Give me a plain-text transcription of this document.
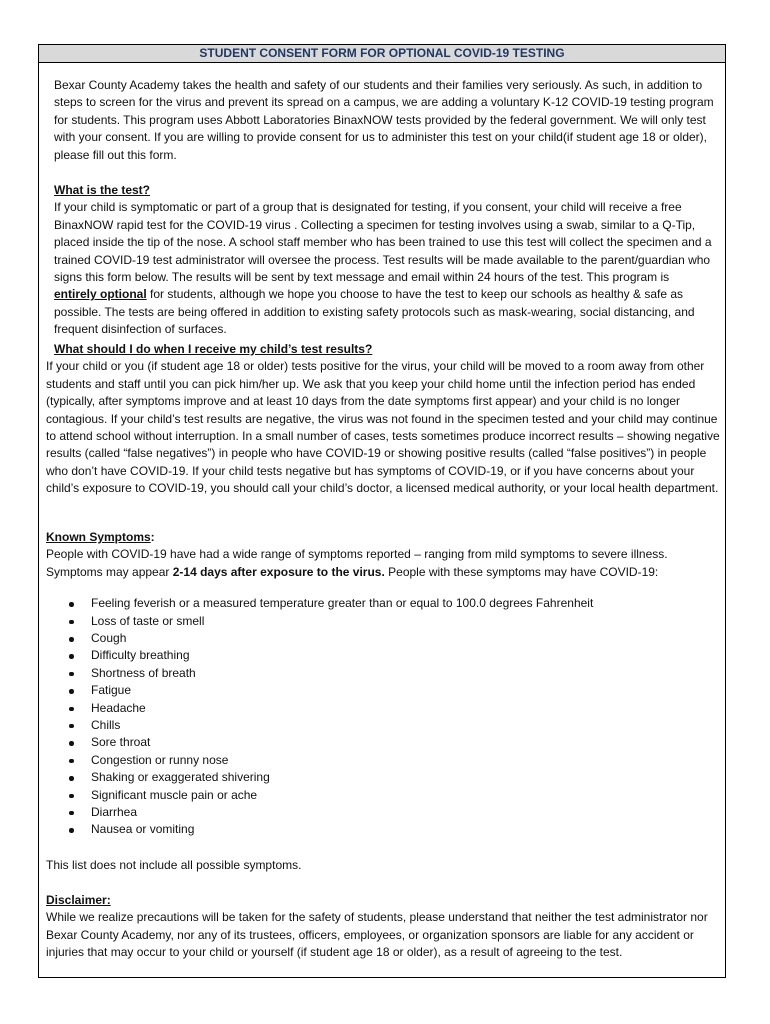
STUDENT CONSENT FORM FOR OPTIONAL COVID-19 TESTING

Bexar County Academy takes the health and safety of our students and their families very seriously. As such, in addition to steps to screen for the virus and prevent its spread on a campus, we are adding a voluntary K-12 COVID-19 testing program for students. This program uses Abbott Laboratories BinaxNOW tests provided by the federal government. We will only test with your consent. If you are willing to provide consent for us to administer this test on your child(if student age 18 or older), please fill out this form.

What is the test?

If your child is symptomatic or part of a group that is designated for testing, if you consent, your child will receive a free BinaxNOW rapid test for the COVID-19 virus . Collecting a specimen for testing involves using a swab, similar to a Q-Tip, placed inside the tip of the nose. A school staff member who has been trained to use this test will collect the specimen and a trained COVID-19 test administrator will oversee the process. Test results will be made available to the parent/guardian who signs this form below. The results will be sent by text message and email within 24 hours of the test. This program is entirely optional for students, although we hope you choose to have the test to keep our schools as healthy & safe as possible. The tests are being offered in addition to existing safety protocols such as mask-wearing, social distancing, and frequent disinfection of surfaces.

What should I do when I receive my child’s test results?

If your child or you (if student age 18 or older) tests positive for the virus, your child will be moved to a room away from other students and staff until you can pick him/her up. We ask that you keep your child home until the infection period has ended (typically, after symptoms improve and at least 10 days from the date symptoms first appear) and your child is no longer contagious. If your child’s test results are negative, the virus was not found in the specimen tested and your child may continue to attend school without interruption. In a small number of cases, tests sometimes produce incorrect results – showing negative results (called “false negatives”) in people who have COVID-19 or showing positive results (called “false positives”) in people who don’t have COVID-19. If your child tests negative but has symptoms of COVID-19, or if you have concerns about your child’s exposure to COVID-19, you should call your child’s doctor, a licensed medical authority, or your local health department.

Known Symptoms:

People with COVID-19 have had a wide range of symptoms reported – ranging from mild symptoms to severe illness. Symptoms may appear 2-14 days after exposure to the virus. People with these symptoms may have COVID-19:

Feeling feverish or a measured temperature greater than or equal to 100.0 degrees Fahrenheit
Loss of taste or smell
Cough
Difficulty breathing
Shortness of breath
Fatigue
Headache
Chills
Sore throat
Congestion or runny nose
Shaking or exaggerated shivering
Significant muscle pain or ache
Diarrhea
Nausea or vomiting

This list does not include all possible symptoms.

Disclaimer:

While we realize precautions will be taken for the safety of students, please understand that neither the test administrator nor Bexar County Academy, nor any of its trustees, officers, employees, or organization sponsors are liable for any accident or injuries that may occur to your child or yourself (if student age 18 or older), as a result of agreeing to the test.
